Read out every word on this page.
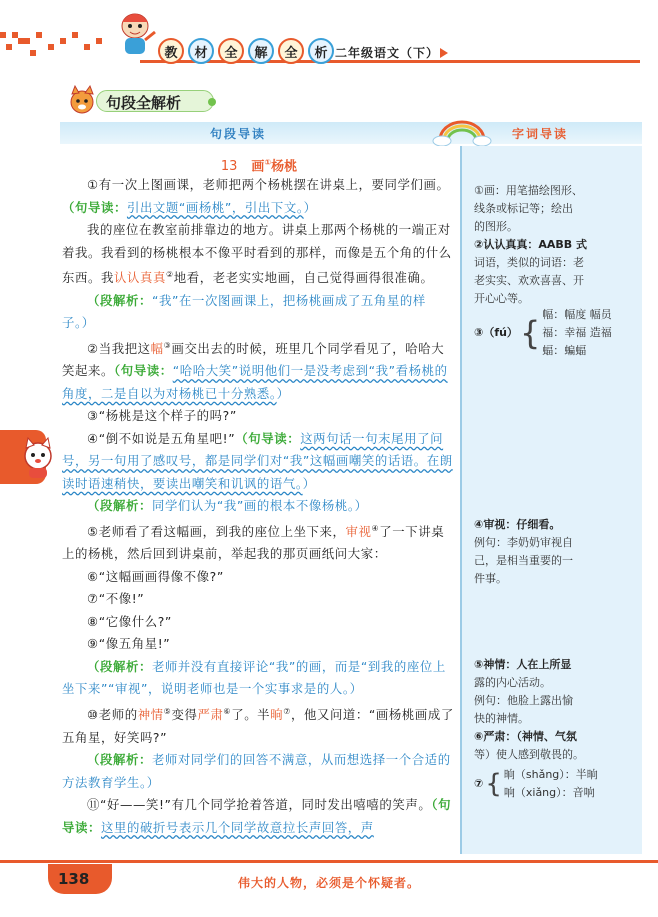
教	材	全	解	全	析 二年级语文（下）
句段全解析
句段导读	字词导读
13 画①杨桃

①有一次上图画课，老师把两个杨桃摆在讲桌上，要同学们画。（句导读：引出文题“画杨桃”，引出下文。）

我的座位在教室前排靠边的地方。讲桌上那两个杨桃的一端正对着我。我看到的杨桃根本不像平时看到的那样，而像是五个角的什么东西。我认认真真②地看，老老实实地画，自己觉得画得很准确。

（段解析：“我”在一次图画课上，把杨桃画成了五角星的样子。）

②当我把这幅③画交出去的时候，班里几个同学看见了，哈哈大笑起来。（句导读：“哈哈大笑”说明他们一是没考虑到“我”看杨桃的角度，二是自以为对杨桃已十分熟悉。）

③“杨桃是这个样子的吗?”

④“倒不如说是五角星吧!”（句导读：这两句话一句末尾用了问号，另一句用了感叹号，都是同学们对“我”这幅画嘲笑的话语。在朗读时语速稍快，要读出嘲笑和讥讽的语气。）

（段解析：同学们认为“我”画的根本不像杨桃。）

⑤老师看了看这幅画，到我的座位上坐下来，审视④了一下讲桌上的杨桃，然后回到讲桌前，举起我的那页画纸问大家：

⑥“这幅画画得像不像?”

⑦“不像!”

⑧“它像什么?”

⑨“像五角星!”

（段解析：老师并没有直接评论“我”的画，而是“到我的座位上坐下来”“审视”，说明老师也是一个实事求是的人。）

⑩老师的神情⑤变得严肃⑥了。半晌⑦，他又问道：“画杨桃画成了五角星，好笑吗?”

（段解析：老师对同学们的回答不满意，从而想选择一个合适的方法教育学生。）

⑪“好——笑!”有几个同学抢着答道，同时发出嘻嘻的笑声。（句导读：这里的破折号表示几个同学故意拉长声回答，声

①画：用笔描绘图形、
线条或标记等；绘出
的图形。
②认认真真：AABB 式
词语，类似的词语：老
老实实、欢欢喜喜、开
开心心等。
③（fú） { 幅：幅度 幅员
福：幸福 造福
蝠：蝙蝠
④审视：仔细看。
例句：李奶奶审视自
己，是相当重要的一
件事。
⑤神情：人在上所显
露的内心活动。
例句：他脸上露出愉
快的神情。
⑥严肃：（神情、气氛
等）使人感到敬畏的。
⑦ { 晌（shǎng）：半晌
响（xiǎng）：音响
138	伟大的人物，必须是个怀疑者。
